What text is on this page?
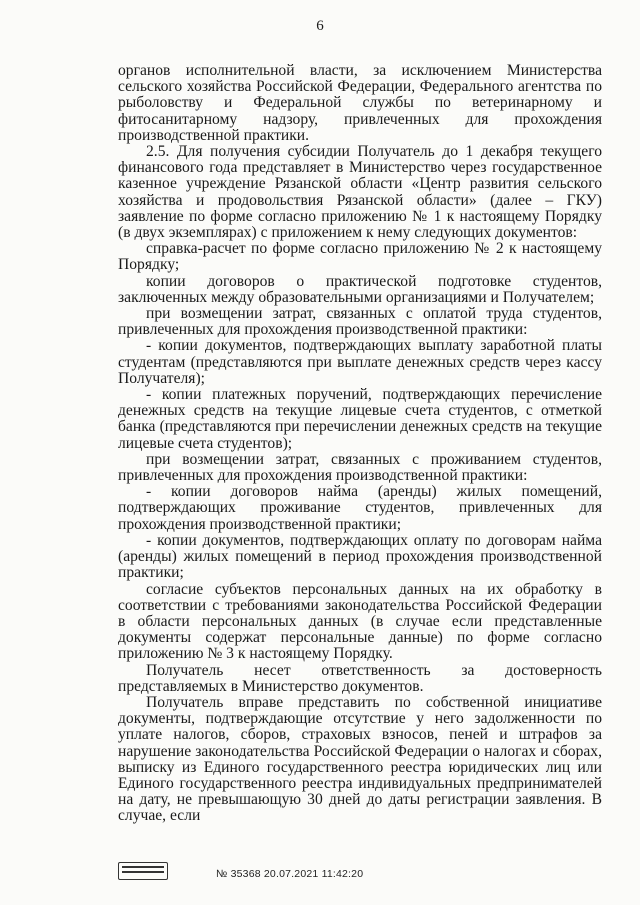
6

органов исполнительной власти, за исключением Министерства сельского хозяйства Российской Федерации, Федерального агентства по рыболовству и Федеральной службы по ветеринарному и фитосанитарному надзору, привлеченных для прохождения производственной практики.

2.5. Для получения субсидии Получатель до 1 декабря текущего финансового года представляет в Министерство через государственное казенное учреждение Рязанской области «Центр развития сельского хозяйства и продовольствия Рязанской области» (далее – ГКУ) заявление по форме согласно приложению № 1 к настоящему Порядку (в двух экземплярах) с приложением к нему следующих документов:

справка-расчет по форме согласно приложению № 2 к настоящему Порядку;

копии договоров о практической подготовке студентов, заключенных между образовательными организациями и Получателем;

при возмещении затрат, связанных с оплатой труда студентов, привлеченных для прохождения производственной практики:

- копии документов, подтверждающих выплату заработной платы студентам (представляются при выплате денежных средств через кассу Получателя);

- копии платежных поручений, подтверждающих перечисление денежных средств на текущие лицевые счета студентов, с отметкой банка (представляются при перечислении денежных средств на текущие лицевые счета студентов);

при возмещении затрат, связанных с проживанием студентов, привлеченных для прохождения производственной практики:

- копии договоров найма (аренды) жилых помещений, подтверждающих проживание студентов, привлеченных для прохождения производственной практики;

- копии документов, подтверждающих оплату по договорам найма (аренды) жилых помещений в период прохождения производственной практики;

согласие субъектов персональных данных на их обработку в соответствии с требованиями законодательства Российской Федерации в области персональных данных (в случае если представленные документы содержат персональные данные) по форме согласно приложению № 3 к настоящему Порядку.

Получатель несет ответственность за достоверность представляемых в Министерство документов.

Получатель вправе представить по собственной инициативе документы, подтверждающие отсутствие у него задолженности по уплате налогов, сборов, страховых взносов, пеней и штрафов за нарушение законодательства Российской Федерации о налогах и сборах, выписку из Единого государственного реестра юридических лиц или Единого государственного реестра индивидуальных предпринимателей на дату, не превышающую 30 дней до даты регистрации заявления. В случае, если

№ 35368 20.07.2021 11:42:20
